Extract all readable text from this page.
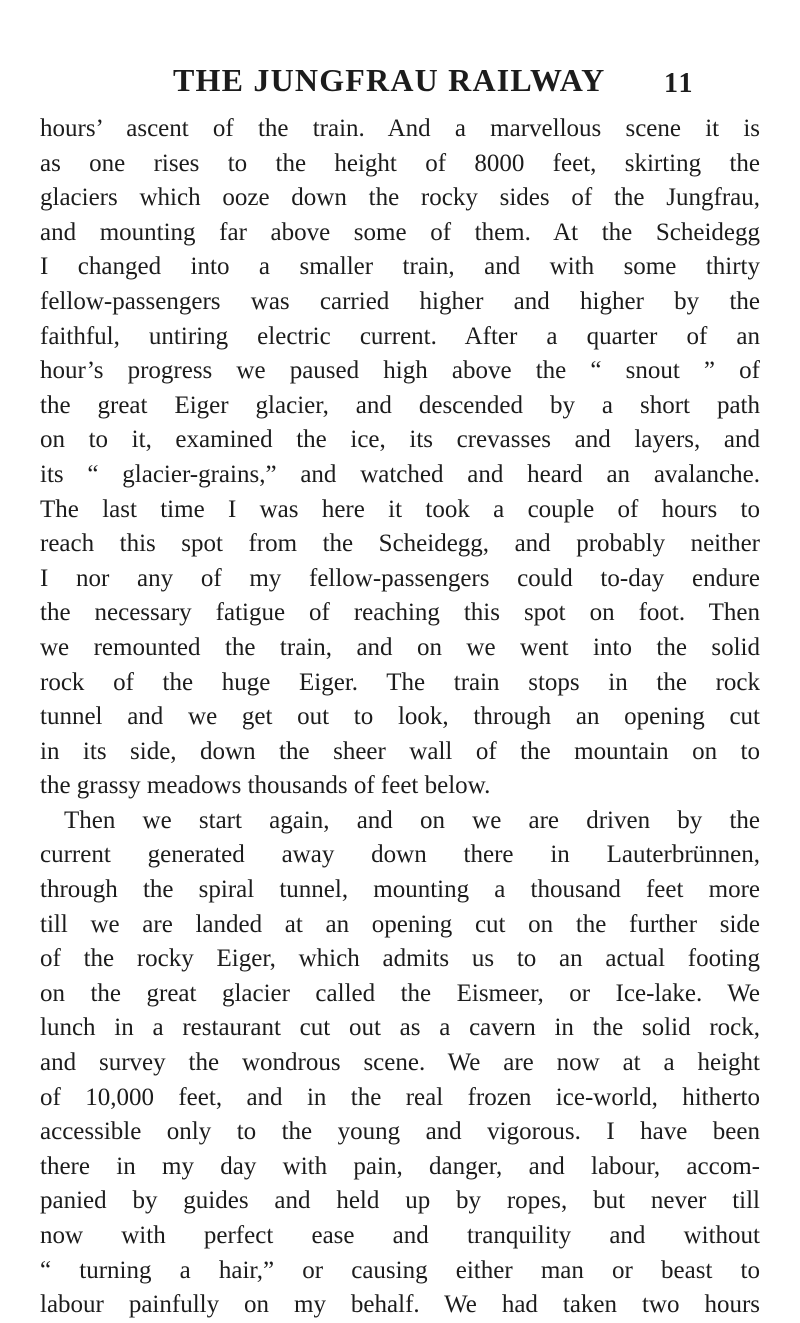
THE JUNGFRAU RAILWAY 11
hours’ ascent of the train. And a marvellous scene it is
as one rises to the height of 8000 feet, skirting the
glaciers which ooze down the rocky sides of the Jungfrau,
and mounting far above some of them. At the Scheidegg
I changed into a smaller train, and with some thirty
fellow-passengers was carried higher and higher by the
faithful, untiring electric current. After a quarter of an
hour’s progress we paused high above the “ snout ” of
the great Eiger glacier, and descended by a short path
on to it, examined the ice, its crevasses and layers, and
its “ glacier-grains,” and watched and heard an avalanche.
The last time I was here it took a couple of hours to
reach this spot from the Scheidegg, and probably neither
I nor any of my fellow-passengers could to-day endure
the necessary fatigue of reaching this spot on foot. Then
we remounted the train, and on we went into the solid
rock of the huge Eiger. The train stops in the rock
tunnel and we get out to look, through an opening cut
in its side, down the sheer wall of the mountain on to
the grassy meadows thousands of feet below.
Then we start again, and on we are driven by the
current generated away down there in Lauterbrünnen,
through the spiral tunnel, mounting a thousand feet more
till we are landed at an opening cut on the further side
of the rocky Eiger, which admits us to an actual footing
on the great glacier called the Eismeer, or Ice-lake. We
lunch in a restaurant cut out as a cavern in the solid rock,
and survey the wondrous scene. We are now at a height
of 10,000 feet, and in the real frozen ice-world, hitherto
accessible only to the young and vigorous. I have been
there in my day with pain, danger, and labour, accom-
panied by guides and held up by ropes, but never till
now with perfect ease and tranquility and without
“ turning a hair,” or causing either man or beast to
labour painfully on my behalf. We had taken two hours
